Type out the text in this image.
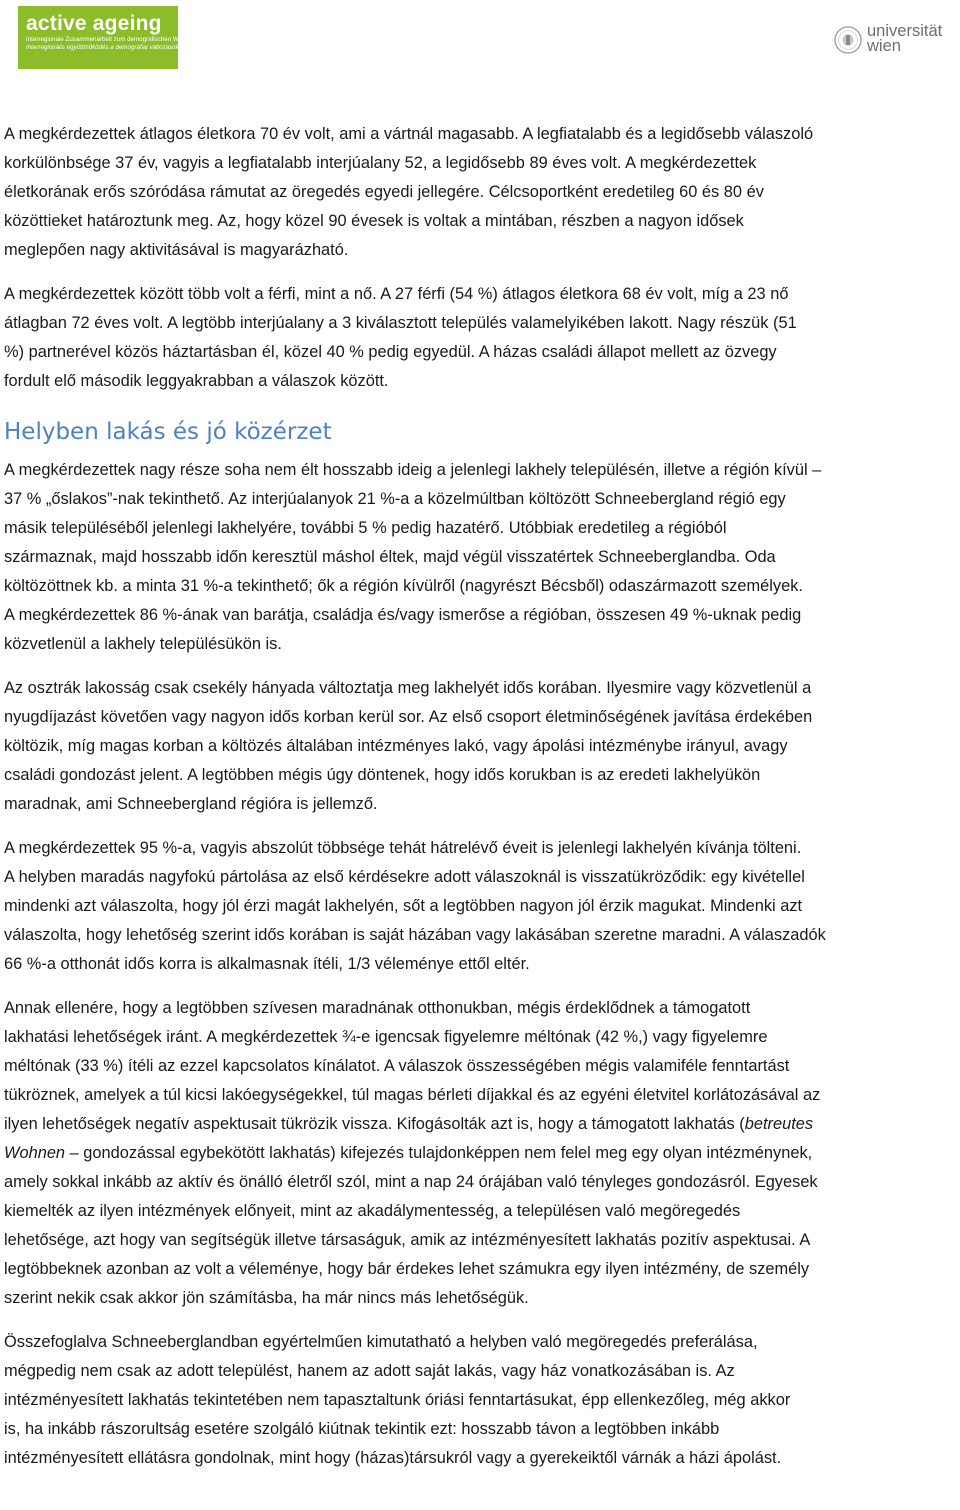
active ageing
Interregionale Zusammenarbeit zum demografischen Wandel
Interregionális együttműködés a demográfiai változások jegyében
universität
wien

A megkérdezettek átlagos életkora 70 év volt, ami a vártnál magasabb. A legfiatalabb és a legidősebb válaszoló
korkülönbsége 37 év, vagyis a legfiatalabb interjúalany 52, a legidősebb 89 éves volt. A megkérdezettek
életkorának erős szóródása rámutat az öregedés egyedi jellegére. Célcsoportként eredetileg 60 és 80 év
közöttieket határoztunk meg. Az, hogy közel 90 évesek is voltak a mintában, részben a nagyon idősek
meglepően nagy aktivitásával is magyarázható.

A megkérdezettek között több volt a férfi, mint a nő. A 27 férfi (54 %) átlagos életkora 68 év volt, míg a 23 nő
átlagban 72 éves volt. A legtöbb interjúalany a 3 kiválasztott település valamelyikében lakott. Nagy részük (51
%) partnerével közös háztartásban él, közel 40 % pedig egyedül. A házas családi állapot mellett az özvegy
fordult elő második leggyakrabban a válaszok között.

Helyben lakás és jó közérzet

A megkérdezettek nagy része soha nem élt hosszabb ideig a jelenlegi lakhely településén, illetve a régión kívül –
37 % „őslakos”-nak tekinthető. Az interjúalanyok 21 %-a a közelmúltban költözött Schneebergland régió egy
másik településéből jelenlegi lakhelyére, további 5 % pedig hazatérő. Utóbbiak eredetileg a régióból
származnak, majd hosszabb időn keresztül máshol éltek, majd végül visszatértek Schneeberglandba. Oda
költözöttnek kb. a minta 31 %-a tekinthető; ők a régión kívülről (nagyrészt Bécsből) odaszármazott személyek.
A megkérdezettek 86 %-ának van barátja, családja és/vagy ismerőse a régióban, összesen 49 %-uknak pedig
közvetlenül a lakhely településükön is.

Az osztrák lakosság csak csekély hányada változtatja meg lakhelyét idős korában. Ilyesmire vagy közvetlenül a
nyugdíjazást követően vagy nagyon idős korban kerül sor. Az első csoport életminőségének javítása érdekében
költözik, míg magas korban a költözés általában intézményes lakó, vagy ápolási intézménybe irányul, avagy
családi gondozást jelent. A legtöbben mégis úgy döntenek, hogy idős korukban is az eredeti lakhelyükön
maradnak, ami Schneebergland régióra is jellemző.

A megkérdezettek 95 %-a, vagyis abszolút többsége tehát hátrelévő éveit is jelenlegi lakhelyén kívánja tölteni.
A helyben maradás nagyfokú pártolása az első kérdésekre adott válaszoknál is visszatükröződik: egy kivétellel
mindenki azt válaszolta, hogy jól érzi magát lakhelyén, sőt a legtöbben nagyon jól érzik magukat. Mindenki azt
válaszolta, hogy lehetőség szerint idős korában is saját házában vagy lakásában szeretne maradni. A válaszadók
66 %-a otthonát idős korra is alkalmasnak ítéli, 1/3 véleménye ettől eltér.

Annak ellenére, hogy a legtöbben szívesen maradnának otthonukban, mégis érdeklődnek a támogatott
lakhatási lehetőségek iránt. A megkérdezettek ¾-e igencsak figyelemre méltónak (42 %,) vagy figyelemre
méltónak (33 %) ítéli az ezzel kapcsolatos kínálatot. A válaszok összességében mégis valamiféle fenntartást
tükröznek, amelyek a túl kicsi lakóegységekkel, túl magas bérleti díjakkal és az egyéni életvitel korlátozásával az
ilyen lehetőségek negatív aspektusait tükrözik vissza. Kifogásolták azt is, hogy a támogatott lakhatás (betreutes
Wohnen – gondozással egybekötött lakhatás) kifejezés tulajdonképpen nem felel meg egy olyan intézménynek,
amely sokkal inkább az aktív és önálló életről szól, mint a nap 24 órájában való tényleges gondozásról. Egyesek
kiemelték az ilyen intézmények előnyeit, mint az akadálymentesség, a településen való megöregedés
lehetősége, azt hogy van segítségük illetve társaságuk, amik az intézményesített lakhatás pozitív aspektusai. A
legtöbbeknek azonban az volt a véleménye, hogy bár érdekes lehet számukra egy ilyen intézmény, de személy
szerint nekik csak akkor jön számításba, ha már nincs más lehetőségük.

Összefoglalva Schneeberglandban egyértelműen kimutatható a helyben való megöregedés preferálása,
mégpedig nem csak az adott települést, hanem az adott saját lakás, vagy ház vonatkozásában is. Az
intézményesített lakhatás tekintetében nem tapasztaltunk óriási fenntartásukat, épp ellenkezőleg, még akkor
is, ha inkább rászorultság esetére szolgáló kiútnak tekintik ezt: hosszabb távon a legtöbben inkább
intézményesített ellátásra gondolnak, mint hogy (házas)társukról vagy a gyerekeiktől várnák a házi ápolást.
